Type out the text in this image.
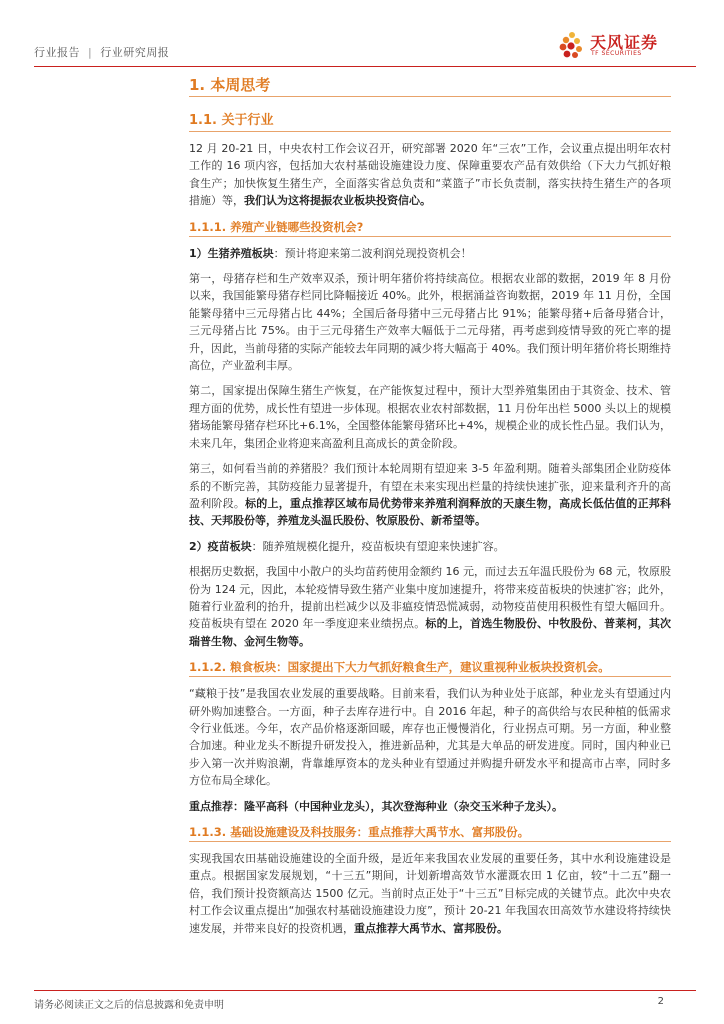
行业报告 | 行业研究周报
天风证券
TF SECURITIES
1. 本周思考
1.1. 关于行业

12 月 20-21 日，中央农村工作会议召开，研究部署 2020 年“三农”工作，会议重点提出明年农村工作的 16 项内容，包括加大农村基础设施建设力度、保障重要农产品有效供给（下大力气抓好粮食生产；加快恢复生猪生产，全面落实省总负责和“菜篮子”市长负责制，落实扶持生猪生产的各项措施）等，我们认为这将提振农业板块投资信心。

1.1.1. 养殖产业链哪些投资机会?

1）生猪养殖板块：预计将迎来第二波利润兑现投资机会！

第一，母猪存栏和生产效率双杀，预计明年猪价将持续高位。根据农业部的数据，2019 年 8 月份以来，我国能繁母猪存栏同比降幅接近 40%。此外，根据涌益咨询数据，2019 年 11 月份，全国能繁母猪中三元母猪占比 44%；全国后备母猪中三元母猪占比 91%；能繁母猪+后备母猪合计，三元母猪占比 75%。由于三元母猪生产效率大幅低于二元母猪，再考虑到疫情导致的死亡率的提升，因此，当前母猪的实际产能较去年同期的减少将大幅高于 40%。我们预计明年猪价将长期维持高位，产业盈利丰厚。

第二，国家提出保障生猪生产恢复，在产能恢复过程中，预计大型养殖集团由于其资金、技术、管理方面的优势，成长性有望进一步体现。根据农业农村部数据，11 月份年出栏 5000 头以上的规模猪场能繁母猪存栏环比+6.1%，全国整体能繁母猪环比+4%，规模企业的成长性凸显。我们认为，未来几年，集团企业将迎来高盈利且高成长的黄金阶段。

第三，如何看当前的养猪股？我们预计本轮周期有望迎来 3-5 年盈利期。随着头部集团企业防疫体系的不断完善，其防疫能力显著提升，有望在未来实现出栏量的持续快速扩张，迎来量利齐升的高盈利阶段。标的上，重点推荐区域布局优势带来养殖利润释放的天康生物，高成长低估值的正邦科技、天邦股份等，养殖龙头温氏股份、牧原股份、新希望等。

2）疫苗板块：随养殖规模化提升，疫苗板块有望迎来快速扩容。

根据历史数据，我国中小散户的头均苗药使用金额约 16 元，而过去五年温氏股份为 68 元，牧原股份为 124 元，因此，本轮疫情导致生猪产业集中度加速提升，将带来疫苗板块的快速扩容；此外，随着行业盈利的抬升，提前出栏减少以及非瘟疫情恐慌减弱，动物疫苗使用积极性有望大幅回升。疫苗板块有望在 2020 年一季度迎来业绩拐点。标的上，首选生物股份、中牧股份、普莱柯，其次瑞普生物、金河生物等。

1.1.2. 粮食板块：国家提出下大力气抓好粮食生产，建议重视种业板块投资机会。

“藏粮于技”是我国农业发展的重要战略。目前来看，我们认为种业处于底部，种业龙头有望通过内研外购加速整合。一方面，种子去库存进行中。自 2016 年起，种子的高供给与农民种植的低需求令行业低迷。今年，农产品价格逐渐回暖，库存也正慢慢消化，行业拐点可期。另一方面，种业整合加速。种业龙头不断提升研发投入，推进新品种，尤其是大单品的研发进度。同时，国内种业已步入第一次并购浪潮，背靠雄厚资本的龙头种业有望通过并购提升研发水平和提高市占率，同时多方位布局全球化。

重点推荐：隆平高科（中国种业龙头），其次登海种业（杂交玉米种子龙头）。

1.1.3. 基础设施建设及科技服务：重点推荐大禹节水、富邦股份。

实现我国农田基础设施建设的全面升级，是近年来我国农业发展的重要任务，其中水利设施建设是重点。根据国家发展规划，“十三五”期间，计划新增高效节水灌溉农田 1 亿亩，较“十二五”翻一倍，我们预计投资额高达 1500 亿元。当前时点正处于“十三五”目标完成的关键节点。此次中央农村工作会议重点提出“加强农村基础设施建设力度”，预计 20-21 年我国农田高效节水建设将持续快速发展，并带来良好的投资机遇，重点推荐大禹节水、富邦股份。

请务必阅读正文之后的信息披露和免责申明	2
